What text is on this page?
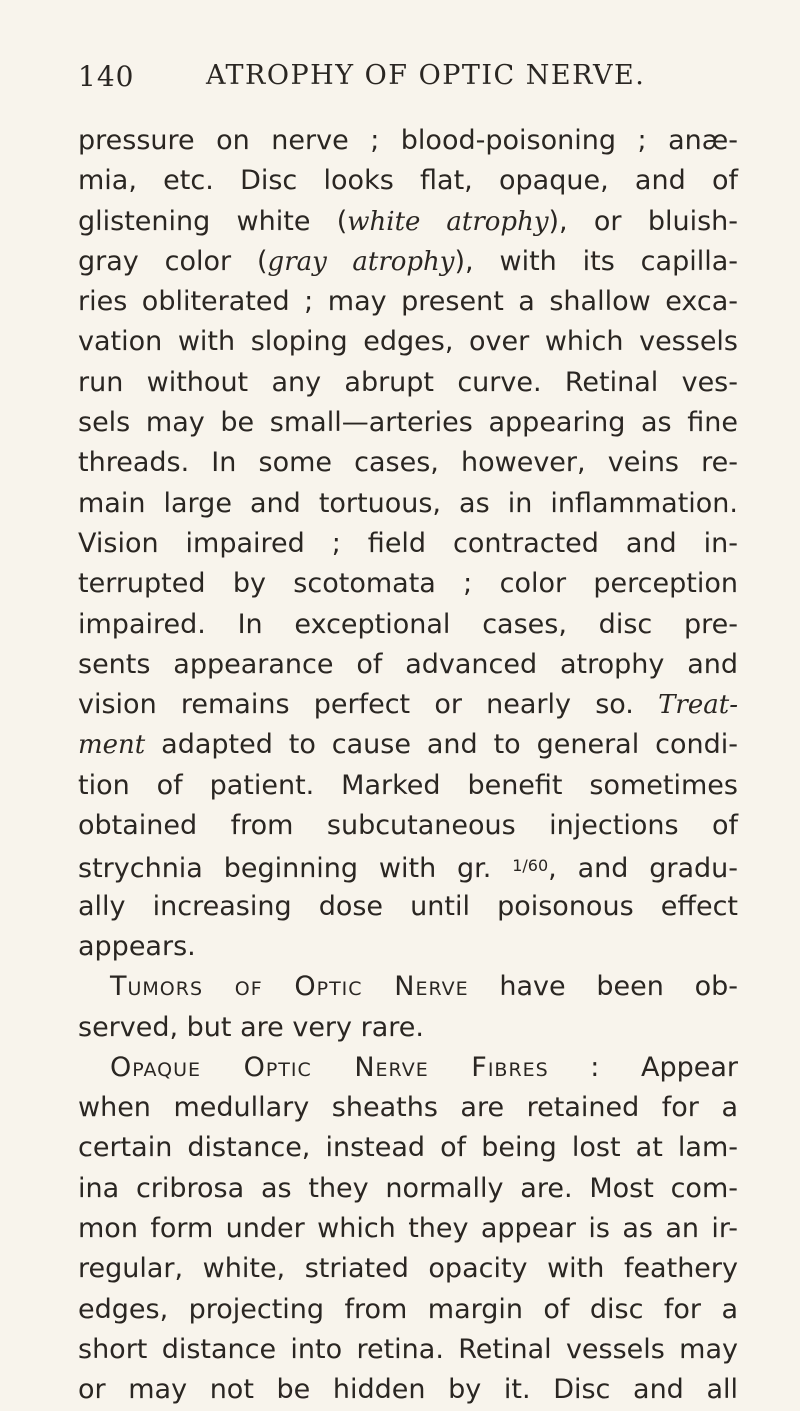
140	ATROPHY OF OPTIC NERVE.
pressure on nerve ; blood-poisoning ; anæ-
mia, etc. Disc looks flat, opaque, and of
glistening white (white atrophy), or bluish-
gray color (gray atrophy), with its capilla-
ries obliterated ; may present a shallow exca-
vation with sloping edges, over which vessels
run without any abrupt curve. Retinal ves-
sels may be small—arteries appearing as fine
threads. In some cases, however, veins re-
main large and tortuous, as in inflammation.
Vision impaired ; field contracted and in-
terrupted by scotomata ; color perception
impaired. In exceptional cases, disc pre-
sents appearance of advanced atrophy and
vision remains perfect or nearly so. Treat-
ment adapted to cause and to general condi-
tion of patient. Marked benefit sometimes
obtained from subcutaneous injections of
strychnia beginning with gr. $^{1/60}$, and gradu-
ally increasing dose until poisonous effect
appears.
Tumors of Optic Nerve have been ob-
served, but are very rare.
Opaque Optic Nerve Fibres : Appear
when medullary sheaths are retained for a
certain distance, instead of being lost at lam-
ina cribrosa as they normally are. Most com-
mon form under which they appear is as an ir-
regular, white, striated opacity with feathery
edges, projecting from margin of disc for a
short distance into retina. Retinal vessels may
or may not be hidden by it. Disc and all
